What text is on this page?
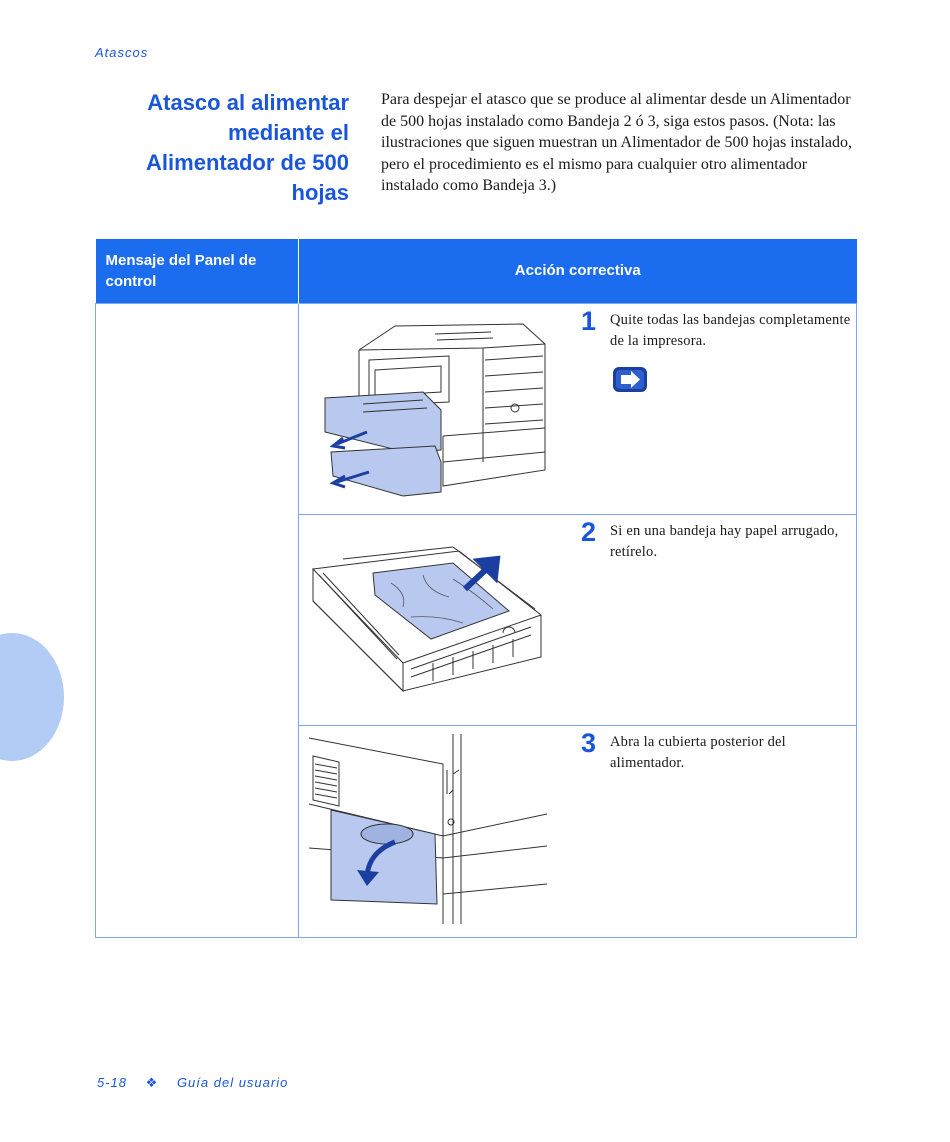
Atascos
Atasco al alimentar mediante el Alimentador de 500 hojas
Para despejar el atasco que se produce al alimentar desde un Alimentador de 500 hojas instalado como Bandeja 2 ó 3, siga estos pasos. (Nota: las ilustraciones que siguen muestran un Alimentador de 500 hojas instalado, pero el procedimiento es el mismo para cualquier otro alimentador instalado como Bandeja 3.)
Mensaje del Panel de control	Acción correctiva

	1 Quite todas las bandejas completamente de la impresora.

	2 Si en una bandeja hay papel arrugado, retírelo.

	3 Abra la cubierta posterior del alimentador.
5-18 ❖ Guía del usuario
